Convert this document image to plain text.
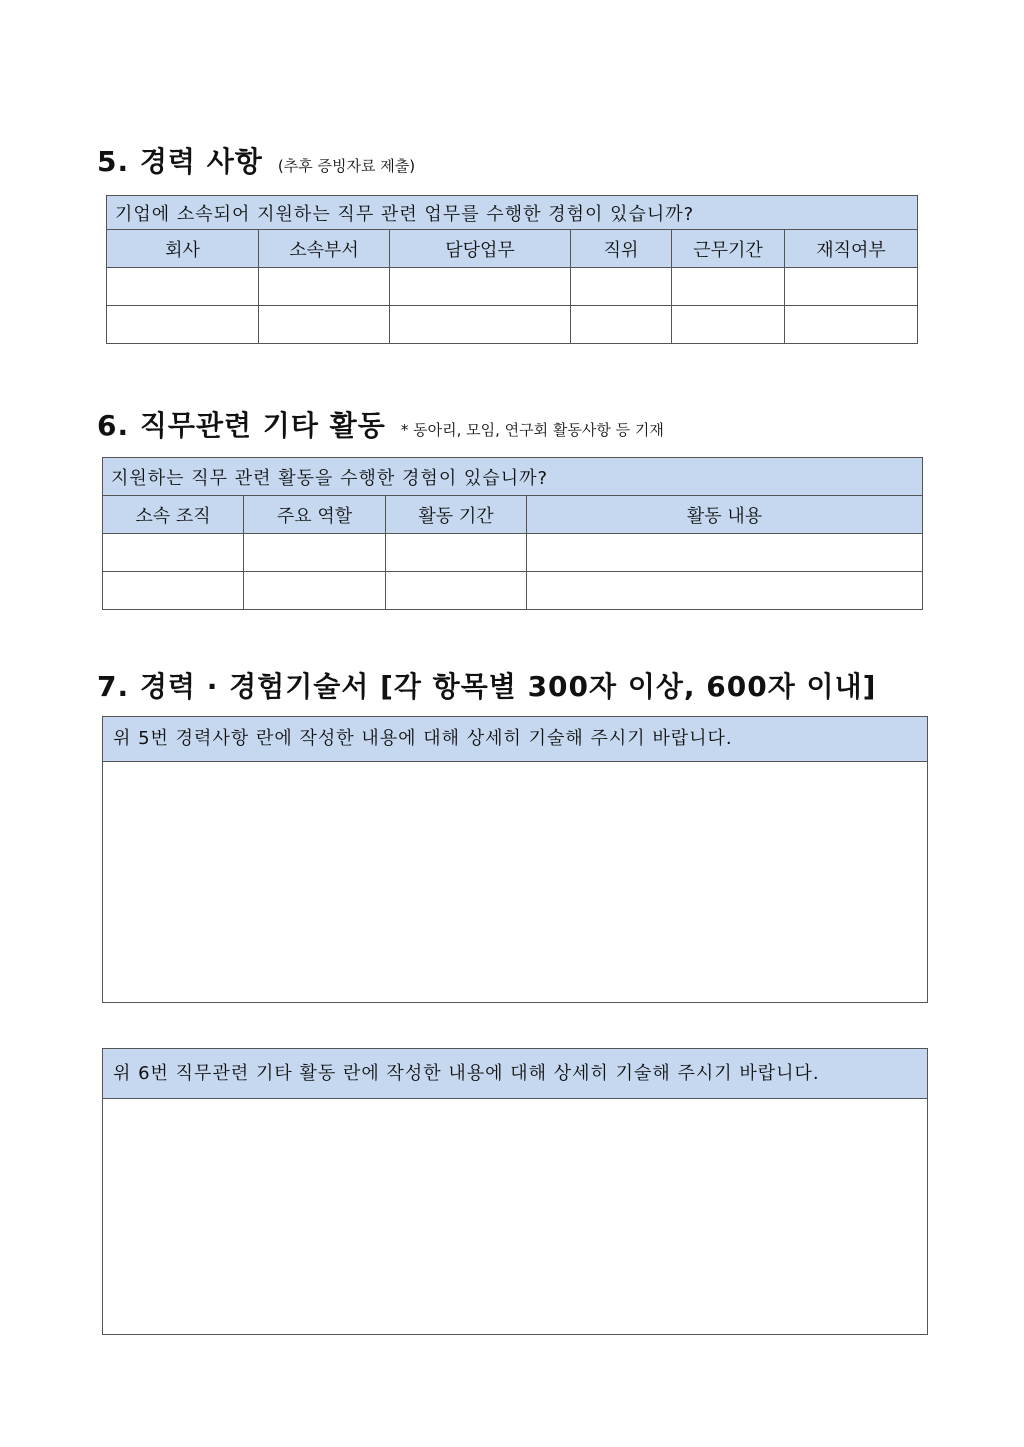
5. 경력 사항 (추후 증빙자료 제출)
기업에 소속되어 지원하는 직무 관련 업무를 수행한 경험이 있습니까?					
회사	소속부서	담당업무	직위	근무기간	재직여부

6. 직무관련 기타 활동 * 동아리, 모임, 연구회 활동사항 등 기재
지원하는 직무 관련 활동을 수행한 경험이 있습니까?			
소속 조직	주요 역할	활동 기간	활동 내용

7. 경력 · 경험기술서 [각 항목별 300자 이상, 600자 이내]
위 5번 경력사항 란에 작성한 내용에 대해 상세히 기술해 주시기 바랍니다.
위 6번 직무관련 기타 활동 란에 작성한 내용에 대해 상세히 기술해 주시기 바랍니다.
